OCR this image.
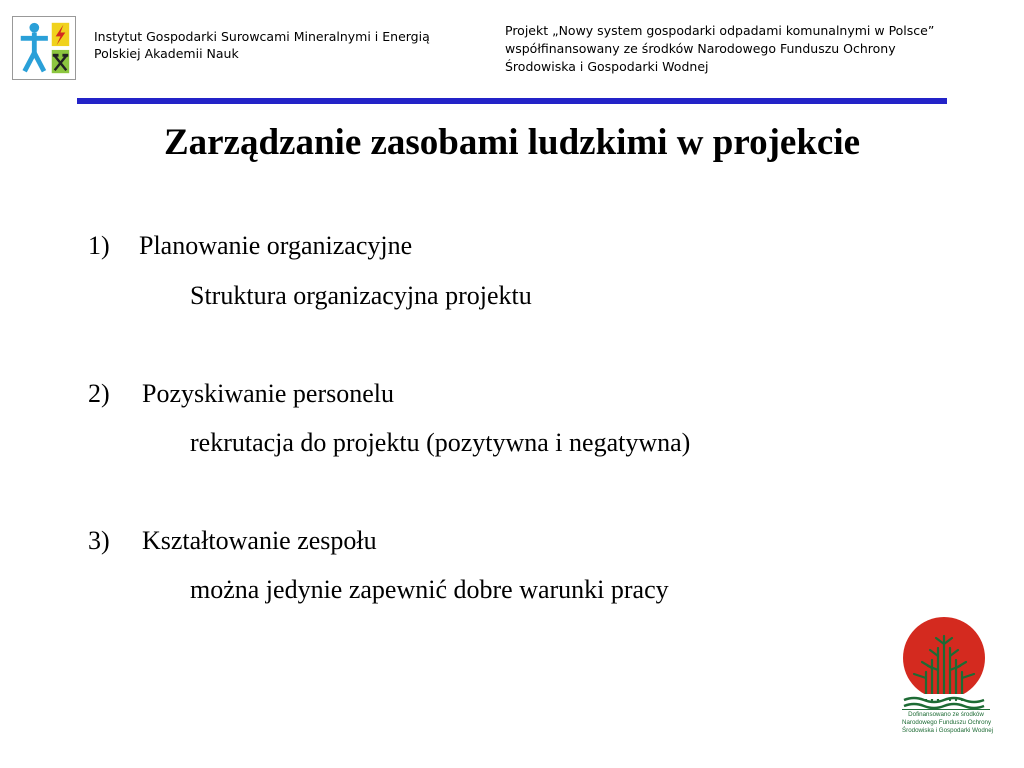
Instytut Gospodarki Surowcami Mineralnymi i Energią
Polskiej Akademii Nauk
Projekt „Nowy system gospodarki odpadami komunalnymi w Polsce”
współfinansowany ze środków Narodowego Funduszu Ochrony
Środowiska i Gospodarki Wodnej
Zarządzanie zasobami ludzkimi w projekcie
1) Planowanie organizacyjne
Struktura organizacyjna projektu
2) Pozyskiwanie personelu
rekrutacja do projektu (pozytywna i negatywna)
3) Kształtowanie zespołu
można jedynie zapewnić dobre warunki pracy
Dofinansowano ze środków
Narodowego Funduszu Ochrony
Środowiska i Gospodarki Wodnej
